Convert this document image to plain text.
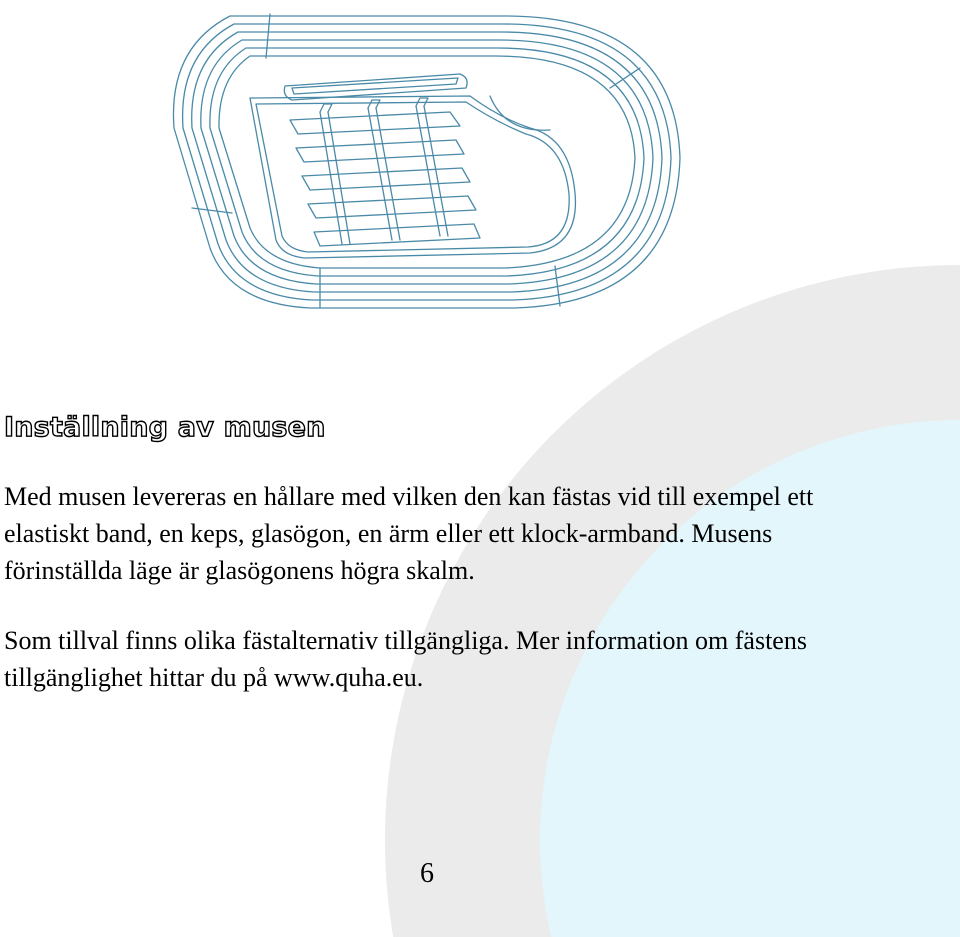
Inställning av musen

Med musen levereras en hållare med vilken den kan fästas vid till exempel ett elastiskt band, en keps, glasögon, en ärm eller ett klock-armband. Musens förinställda läge är glasögonens högra skalm.

Som tillval finns olika fästalternativ tillgängliga. Mer information om fästens tillgänglighet hittar du på www.quha.eu.

6
